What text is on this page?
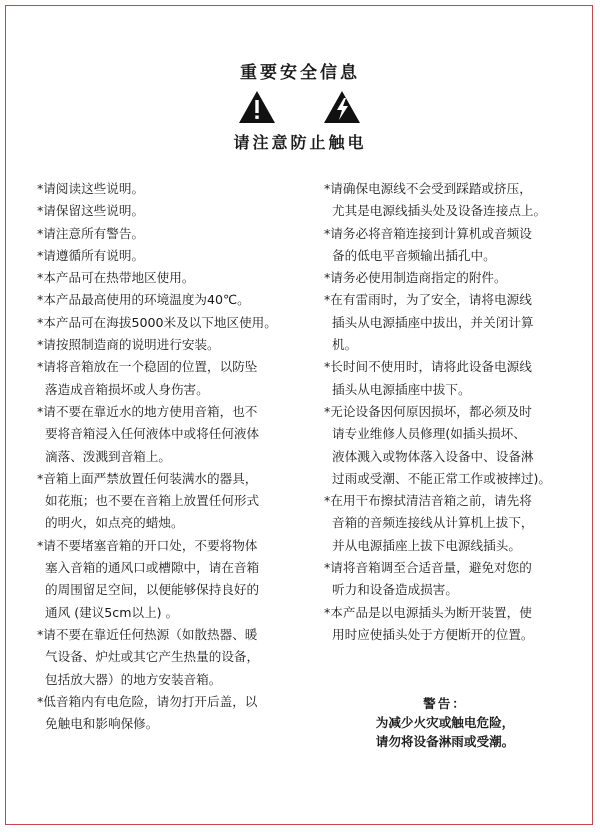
重要安全信息
请注意防止触电

*请阅读这些说明。

*请保留这些说明。

*请注意所有警告。

*请遵循所有说明。

*本产品可在热带地区使用。

*本产品最高使用的环境温度为40℃。

*本产品可在海拔5000米及以下地区使用。

*请按照制造商的说明进行安装。

*请将音箱放在一个稳固的位置，以防坠
落造成音箱损坏或人身伤害。

*请不要在靠近水的地方使用音箱，也不
要将音箱浸入任何液体中或将任何液体
滴落、泼溅到音箱上。

*音箱上面严禁放置任何装满水的器具，
如花瓶；也不要在音箱上放置任何形式
的明火，如点亮的蜡烛。

*请不要堵塞音箱的开口处，不要将物体
塞入音箱的通风口或槽隙中，请在音箱
的周围留足空间，以便能够保持良好的
通风 (建议5cm以上) 。

*请不要在靠近任何热源（如散热器、暖
气设备、炉灶或其它产生热量的设备，
包括放大器）的地方安装音箱。

*低音箱内有电危险，请勿打开后盖，以
免触电和影响保修。

*请确保电源线不会受到踩踏或挤压，
尤其是电源线插头处及设备连接点上。

*请务必将音箱连接到计算机或音频设
备的低电平音频输出插孔中。

*请务必使用制造商指定的附件。

*在有雷雨时，为了安全，请将电源线
插头从电源插座中拔出，并关闭计算
机。

*长时间不使用时，请将此设备电源线
插头从电源插座中拔下。

*无论设备因何原因损坏，都必须及时
请专业维修人员修理(如插头损坏、
液体溅入或物体落入设备中、设备淋
过雨或受潮、不能正常工作或被摔过)。

*在用干布擦拭清洁音箱之前，请先将
音箱的音频连接线从计算机上拔下，
并从电源插座上拔下电源线插头。

*请将音箱调至合适音量，避免对您的
听力和设备造成损害。

*本产品是以电源插头为断开装置，使
用时应使插头处于方便断开的位置。

警告：
为减少火灾或触电危险，
请勿将设备淋雨或受潮。
